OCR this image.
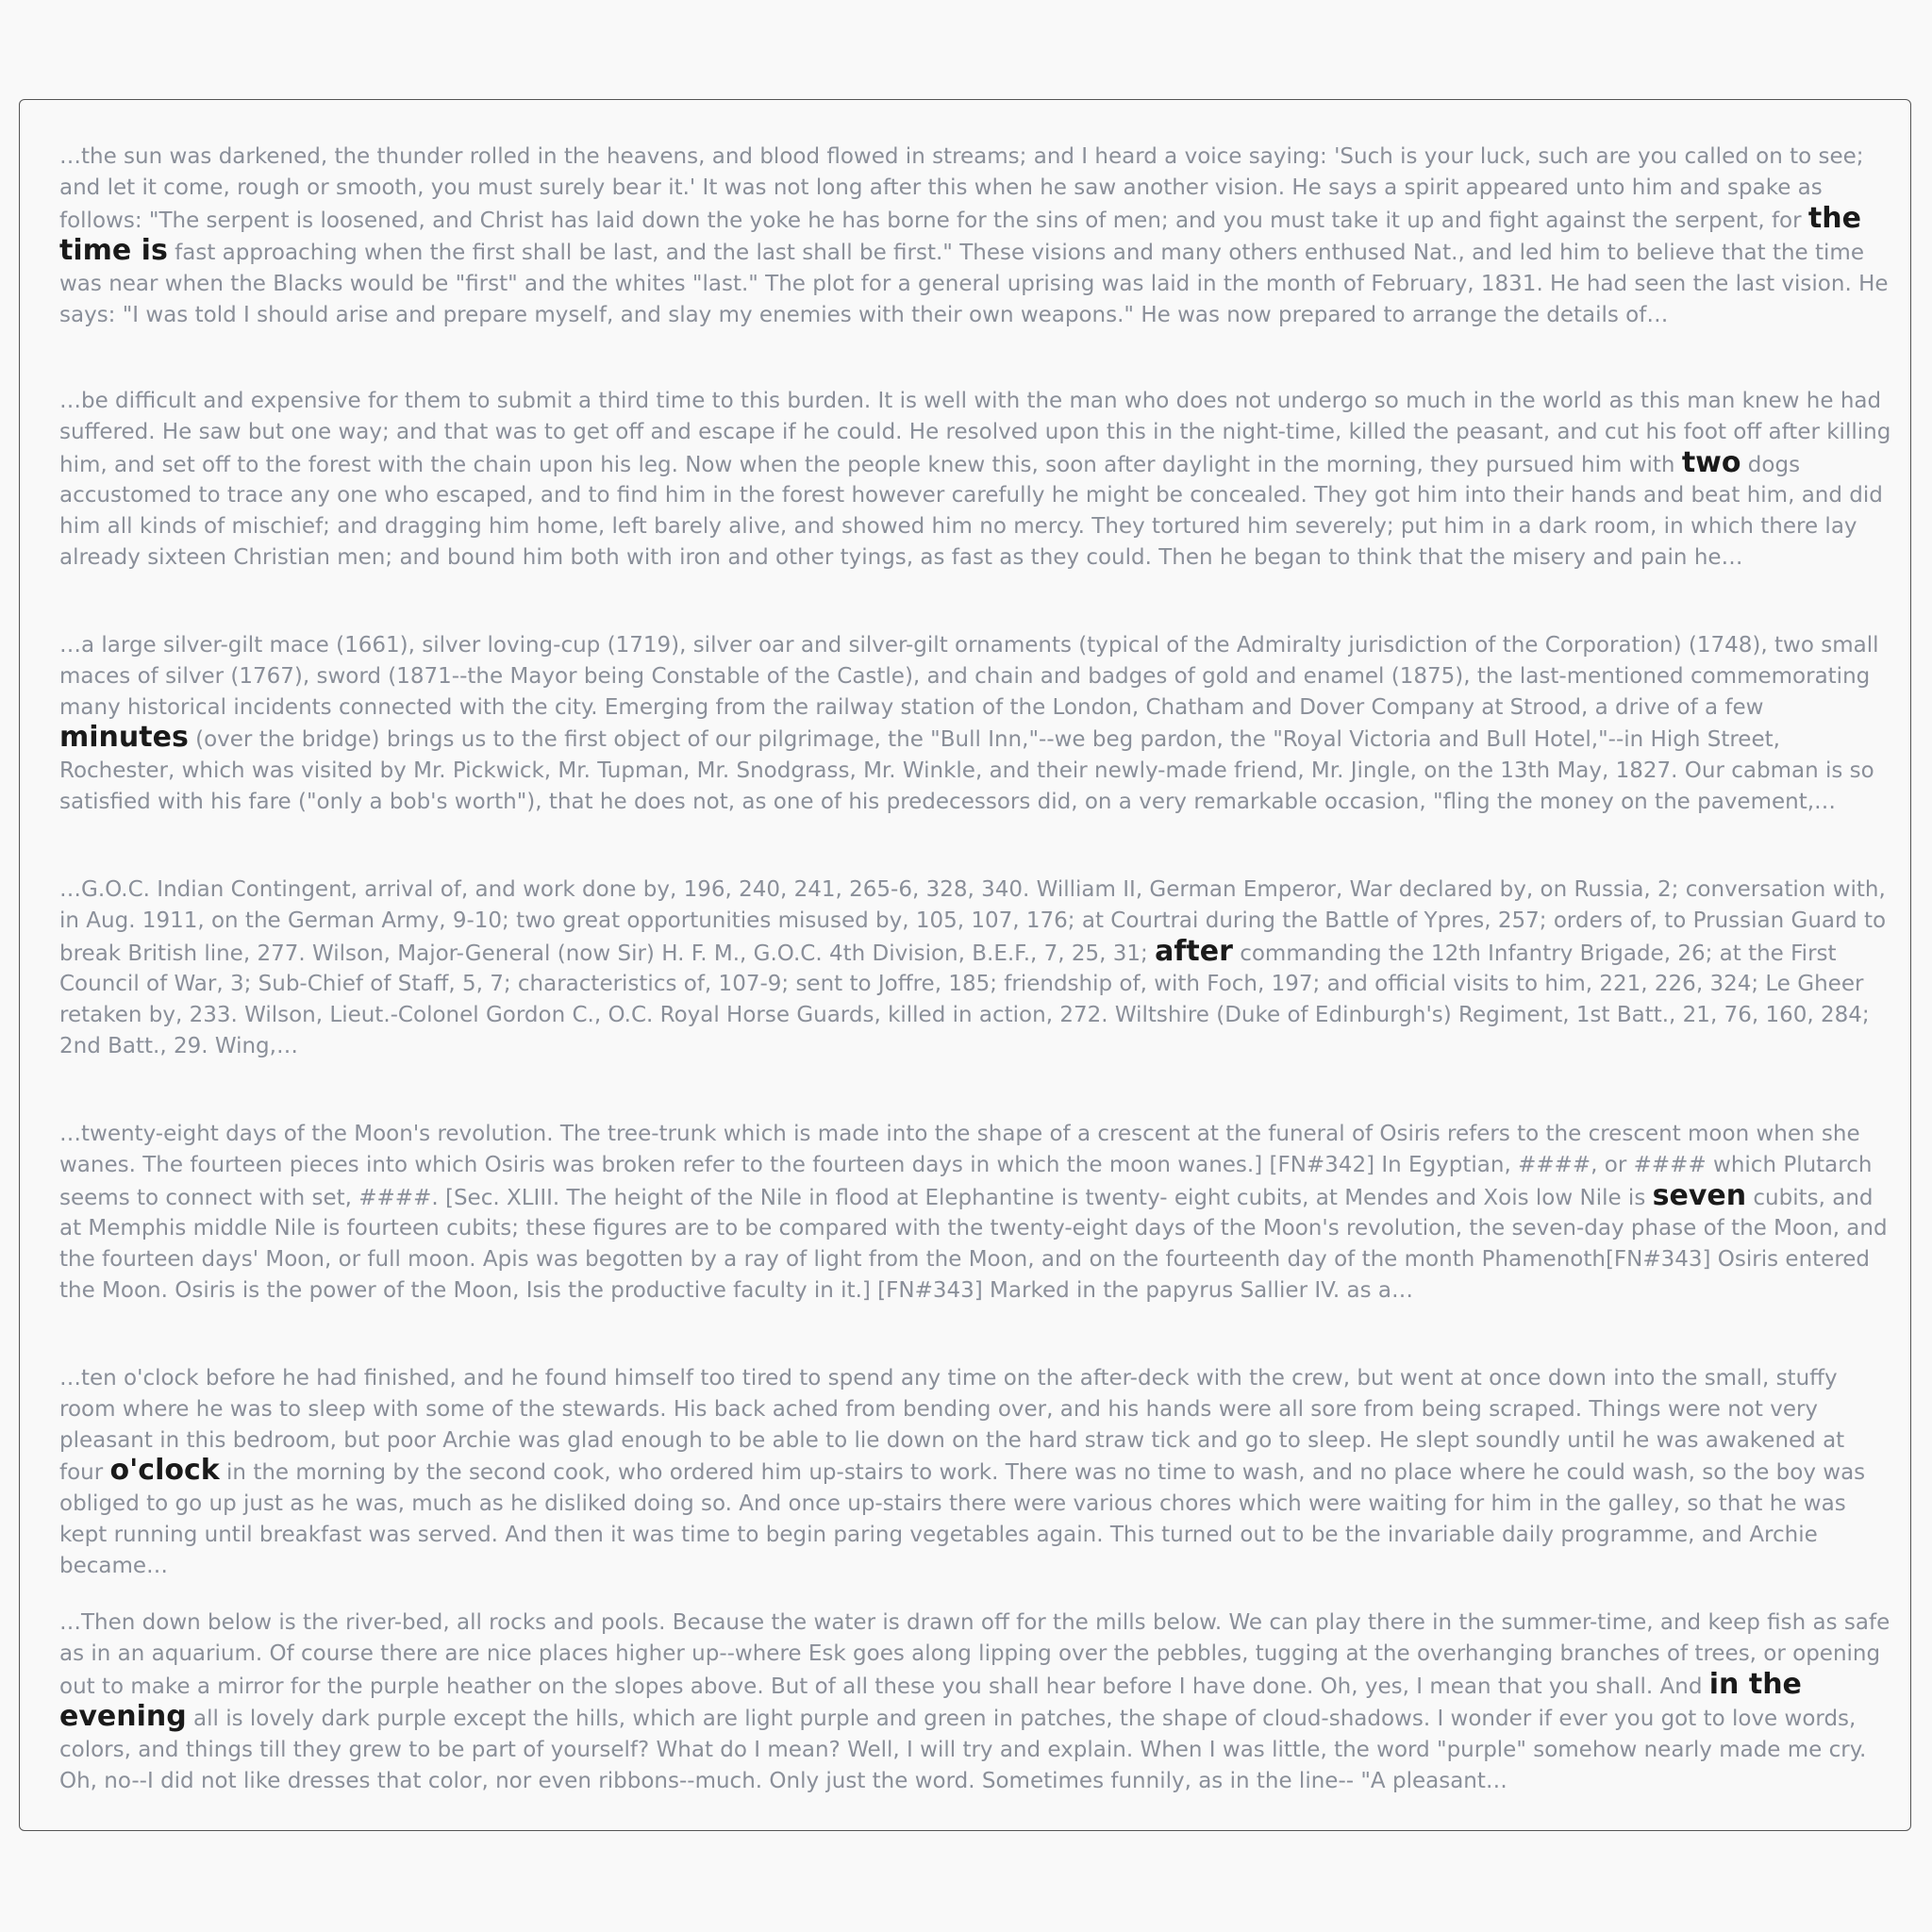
…the sun was darkened, the thunder rolled in the heavens, and blood flowed in streams; and I heard a voice saying: 'Such is your luck, such are you called on to see; and let it come, rough or smooth, you must surely bear it.' It was not long after this when he saw another vision. He says a spirit appeared unto him and spake as follows: "The serpent is loosened, and Christ has laid down the yoke he has borne for the sins of men; and you must take it up and fight against the serpent, for the time is fast approaching when the first shall be last, and the last shall be first." These visions and many others enthused Nat., and led him to believe that the time was near when the Blacks would be "first" and the whites "last." The plot for a general uprising was laid in the month of February, 1831. He had seen the last vision. He says: "I was told I should arise and prepare myself, and slay my enemies with their own weapons." He was now prepared to arrange the details of…

…be difficult and expensive for them to submit a third time to this burden. It is well with the man who does not undergo so much in the world as this man knew he had suffered. He saw but one way; and that was to get off and escape if he could. He resolved upon this in the night-time, killed the peasant, and cut his foot off after killing him, and set off to the forest with the chain upon his leg. Now when the people knew this, soon after daylight in the morning, they pursued him with two dogs accustomed to trace any one who escaped, and to find him in the forest however carefully he might be concealed. They got him into their hands and beat him, and did him all kinds of mischief; and dragging him home, left barely alive, and showed him no mercy. They tortured him severely; put him in a dark room, in which there lay already sixteen Christian men; and bound him both with iron and other tyings, as fast as they could. Then he began to think that the misery and pain he…

…a large silver-gilt mace (1661), silver loving-cup (1719), silver oar and silver-gilt ornaments (typical of the Admiralty jurisdiction of the Corporation) (1748), two small maces of silver (1767), sword (1871--the Mayor being Constable of the Castle), and chain and badges of gold and enamel (1875), the last-mentioned commemorating many historical incidents connected with the city. Emerging from the railway station of the London, Chatham and Dover Company at Strood, a drive of a few minutes (over the bridge) brings us to the first object of our pilgrimage, the "Bull Inn,"--we beg pardon, the "Royal Victoria and Bull Hotel,"--in High Street, Rochester, which was visited by Mr. Pickwick, Mr. Tupman, Mr. Snodgrass, Mr. Winkle, and their newly-made friend, Mr. Jingle, on the 13th May, 1827. Our cabman is so satisfied with his fare ("only a bob's worth"), that he does not, as one of his predecessors did, on a very remarkable occasion, "fling the money on the pavement,…

…G.O.C. Indian Contingent, arrival of, and work done by, 196, 240, 241, 265-6, 328, 340. William II, German Emperor, War declared by, on Russia, 2; conversation with, in Aug. 1911, on the German Army, 9-10; two great opportunities misused by, 105, 107, 176; at Courtrai during the Battle of Ypres, 257; orders of, to Prussian Guard to break British line, 277. Wilson, Major-General (now Sir) H. F. M., G.O.C. 4th Division, B.E.F., 7, 25, 31; after commanding the 12th Infantry Brigade, 26; at the First Council of War, 3; Sub-Chief of Staff, 5, 7; characteristics of, 107-9; sent to Joffre, 185; friendship of, with Foch, 197; and official visits to him, 221, 226, 324; Le Gheer retaken by, 233. Wilson, Lieut.-Colonel Gordon C., O.C. Royal Horse Guards, killed in action, 272. Wiltshire (Duke of Edinburgh's) Regiment, 1st Batt., 21, 76, 160, 284; 2nd Batt., 29. Wing,…

…twenty-eight days of the Moon's revolution. The tree-trunk which is made into the shape of a crescent at the funeral of Osiris refers to the crescent moon when she wanes. The fourteen pieces into which Osiris was broken refer to the fourteen days in which the moon wanes.] [FN#342] In Egyptian, ####, or #### which Plutarch seems to connect with set, ####. [Sec. XLIII. The height of the Nile in flood at Elephantine is twenty- eight cubits, at Mendes and Xois low Nile is seven cubits, and at Memphis middle Nile is fourteen cubits; these figures are to be compared with the twenty-eight days of the Moon's revolution, the seven-day phase of the Moon, and the fourteen days' Moon, or full moon. Apis was begotten by a ray of light from the Moon, and on the fourteenth day of the month Phamenoth[FN#343] Osiris entered the Moon. Osiris is the power of the Moon, Isis the productive faculty in it.] [FN#343] Marked in the papyrus Sallier IV. as a…

…ten o'clock before he had finished, and he found himself too tired to spend any time on the after-deck with the crew, but went at once down into the small, stuffy room where he was to sleep with some of the stewards. His back ached from bending over, and his hands were all sore from being scraped. Things were not very pleasant in this bedroom, but poor Archie was glad enough to be able to lie down on the hard straw tick and go to sleep. He slept soundly until he was awakened at four o'clock in the morning by the second cook, who ordered him up-stairs to work. There was no time to wash, and no place where he could wash, so the boy was obliged to go up just as he was, much as he disliked doing so. And once up-stairs there were various chores which were waiting for him in the galley, so that he was kept running until breakfast was served. And then it was time to begin paring vegetables again. This turned out to be the invariable daily programme, and Archie became…

…Then down below is the river-bed, all rocks and pools. Because the water is drawn off for the mills below. We can play there in the summer-time, and keep fish as safe as in an aquarium. Of course there are nice places higher up--where Esk goes along lipping over the pebbles, tugging at the overhanging branches of trees, or opening out to make a mirror for the purple heather on the slopes above. But of all these you shall hear before I have done. Oh, yes, I mean that you shall. And in the evening all is lovely dark purple except the hills, which are light purple and green in patches, the shape of cloud-shadows. I wonder if ever you got to love words, colors, and things till they grew to be part of yourself? What do I mean? Well, I will try and explain. When I was little, the word "purple" somehow nearly made me cry. Oh, no--I did not like dresses that color, nor even ribbons--much. Only just the word. Sometimes funnily, as in the line-- "A pleasant…
